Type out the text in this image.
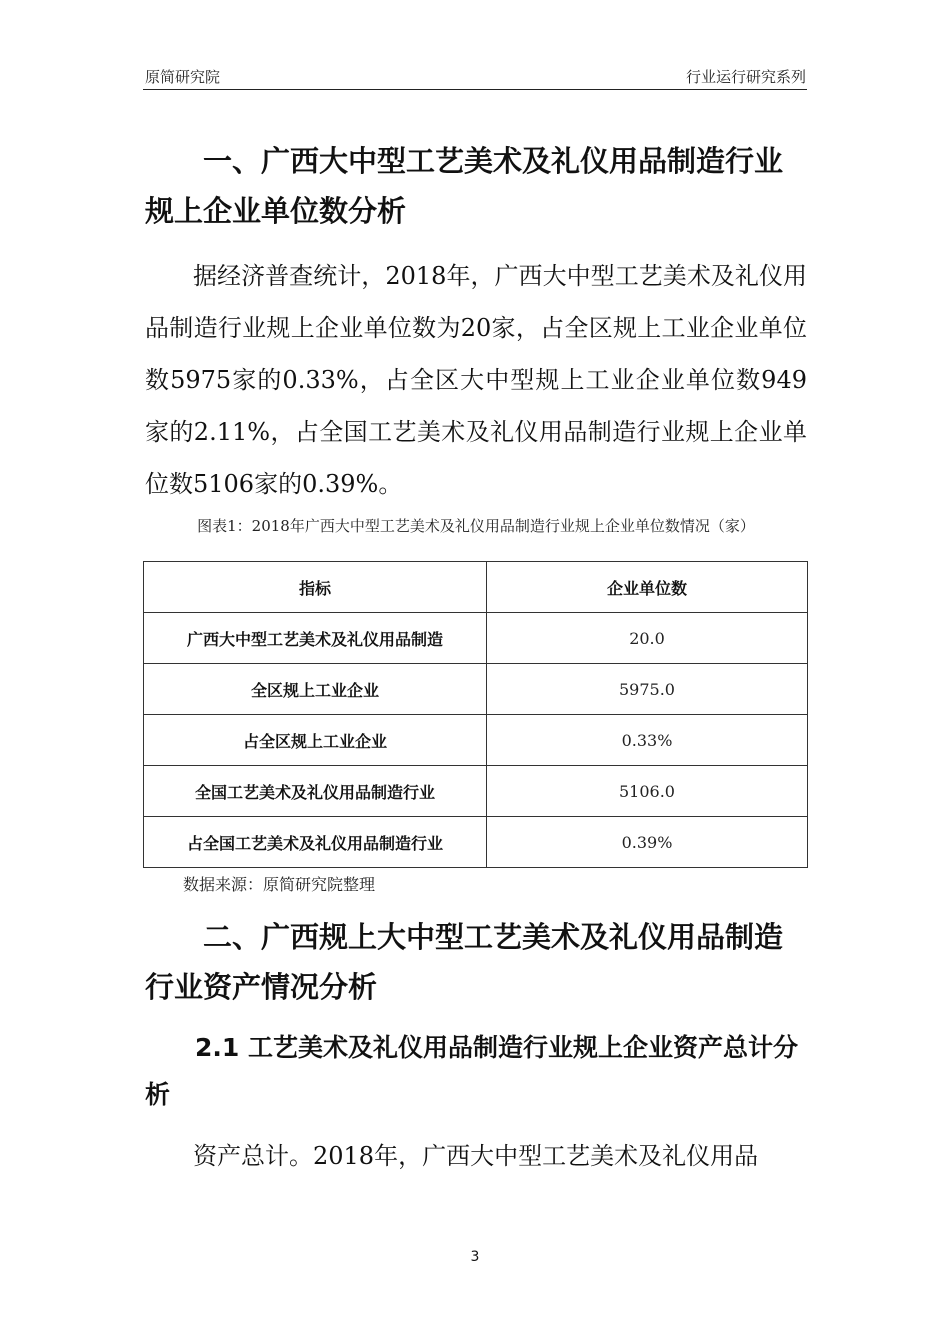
原简研究院	行业运行研究系列
一、广西大中型工艺美术及礼仪用品制造行业规上企业单位数分析

据经济普查统计，2018年，广西大中型工艺美术及礼仪用品制造行业规上企业单位数为20家，占全区规上工业企业单位数5975家的0.33%，占全区大中型规上工业企业单位数949家的2.11%，占全国工艺美术及礼仪用品制造行业规上企业单位数5106家的0.39%。

图表1：2018年广西大中型工艺美术及礼仪用品制造行业规上企业单位数情况（家）
指标	企业单位数
广西大中型工艺美术及礼仪用品制造	20.0
全区规上工业企业	5975.0
占全区规上工业企业	0.33%
全国工艺美术及礼仪用品制造行业	5106.0
占全国工艺美术及礼仪用品制造行业	0.39%
数据来源：原简研究院整理
二、广西规上大中型工艺美术及礼仪用品制造行业资产情况分析
2.1 工艺美术及礼仪用品制造行业规上企业资产总计分析

资产总计。2018年，广西大中型工艺美术及礼仪用品

3
